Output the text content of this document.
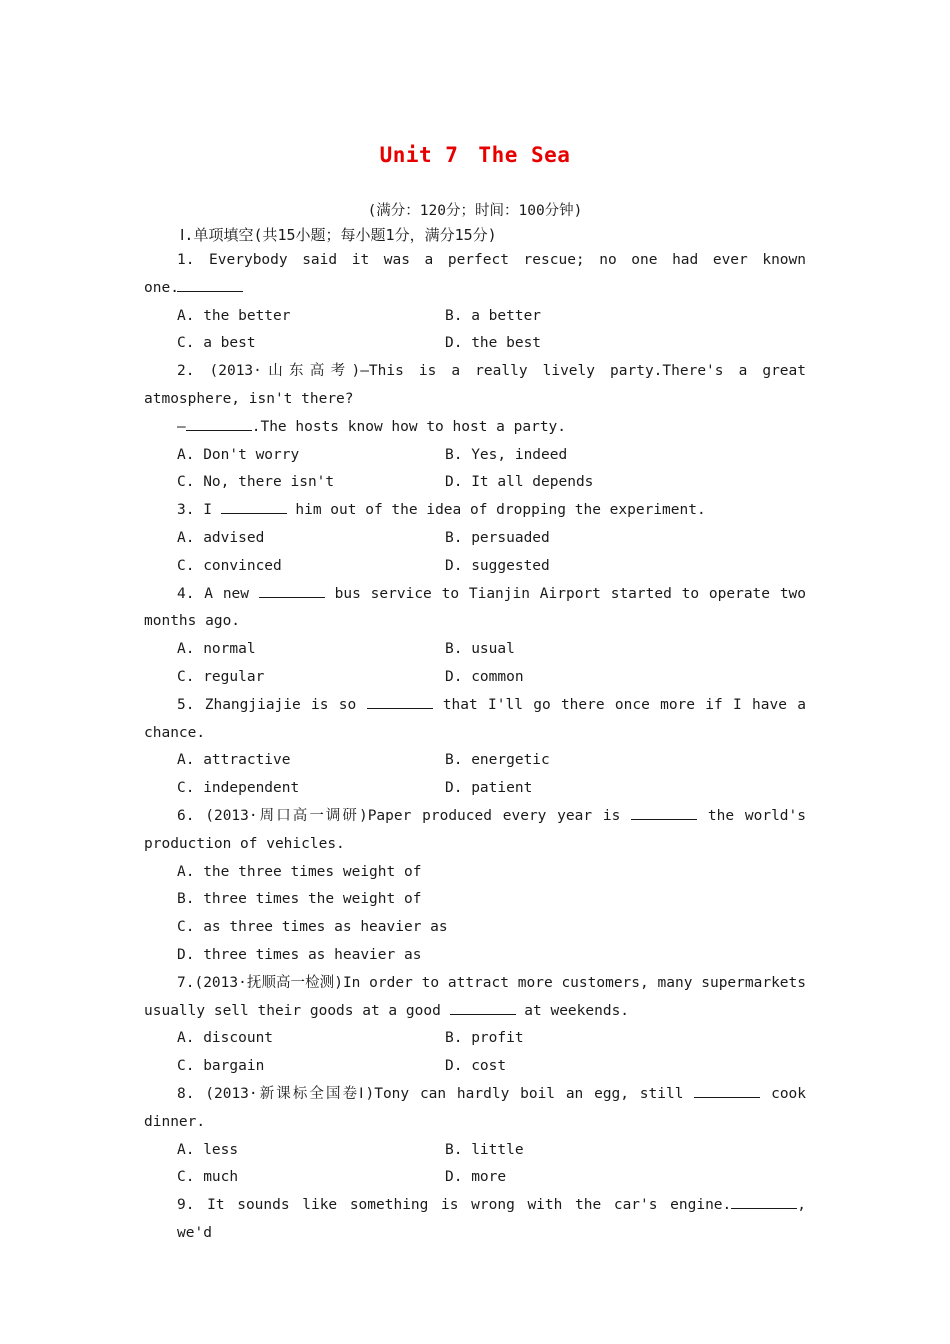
Unit 7 The Sea
(满分：120分；时间：100分钟)
Ⅰ.单项填空(共15小题；每小题1分，满分15分)
1. Everybody said it was a perfect rescue; no one had ever known
one.
A. the better	B. a better
C. a best	D. the best
2. (2013·山东高考)—This is a really lively party.There's a great
atmosphere, isn't there?
—	.The hosts know how to host a party.
A. Don't worry	B. Yes, indeed
C. No, there isn't	D. It all depends
3. I	him out of the idea of dropping the experiment.
A. advised	B. persuaded
C. convinced	D. suggested
4. A new	bus service to Tianjin Airport started to operate two
months ago.
A. normal	B. usual
C. regular	D. common
5. Zhangjiajie is so	that I'll go there once more if I have a
chance.
A. attractive	B. energetic
C. independent	D. patient
6. (2013·周口高一调研)Paper produced every year is	the world's
production of vehicles.
A. the three times weight of
B. three times the weight of
C. as three times as heavier as
D. three times as heavier as
7.(2013·抚顺高一检测)In order to attract more customers, many supermarkets
usually sell their goods at a good	at weekends.
A. discount	B. profit
C. bargain	D. cost
8. (2013·新课标全国卷Ⅰ)Tony can hardly boil an egg, still	cook
dinner.
A. less	B. little
C. much	D. more
9. It sounds like something is wrong with the car's engine.	, we'd
